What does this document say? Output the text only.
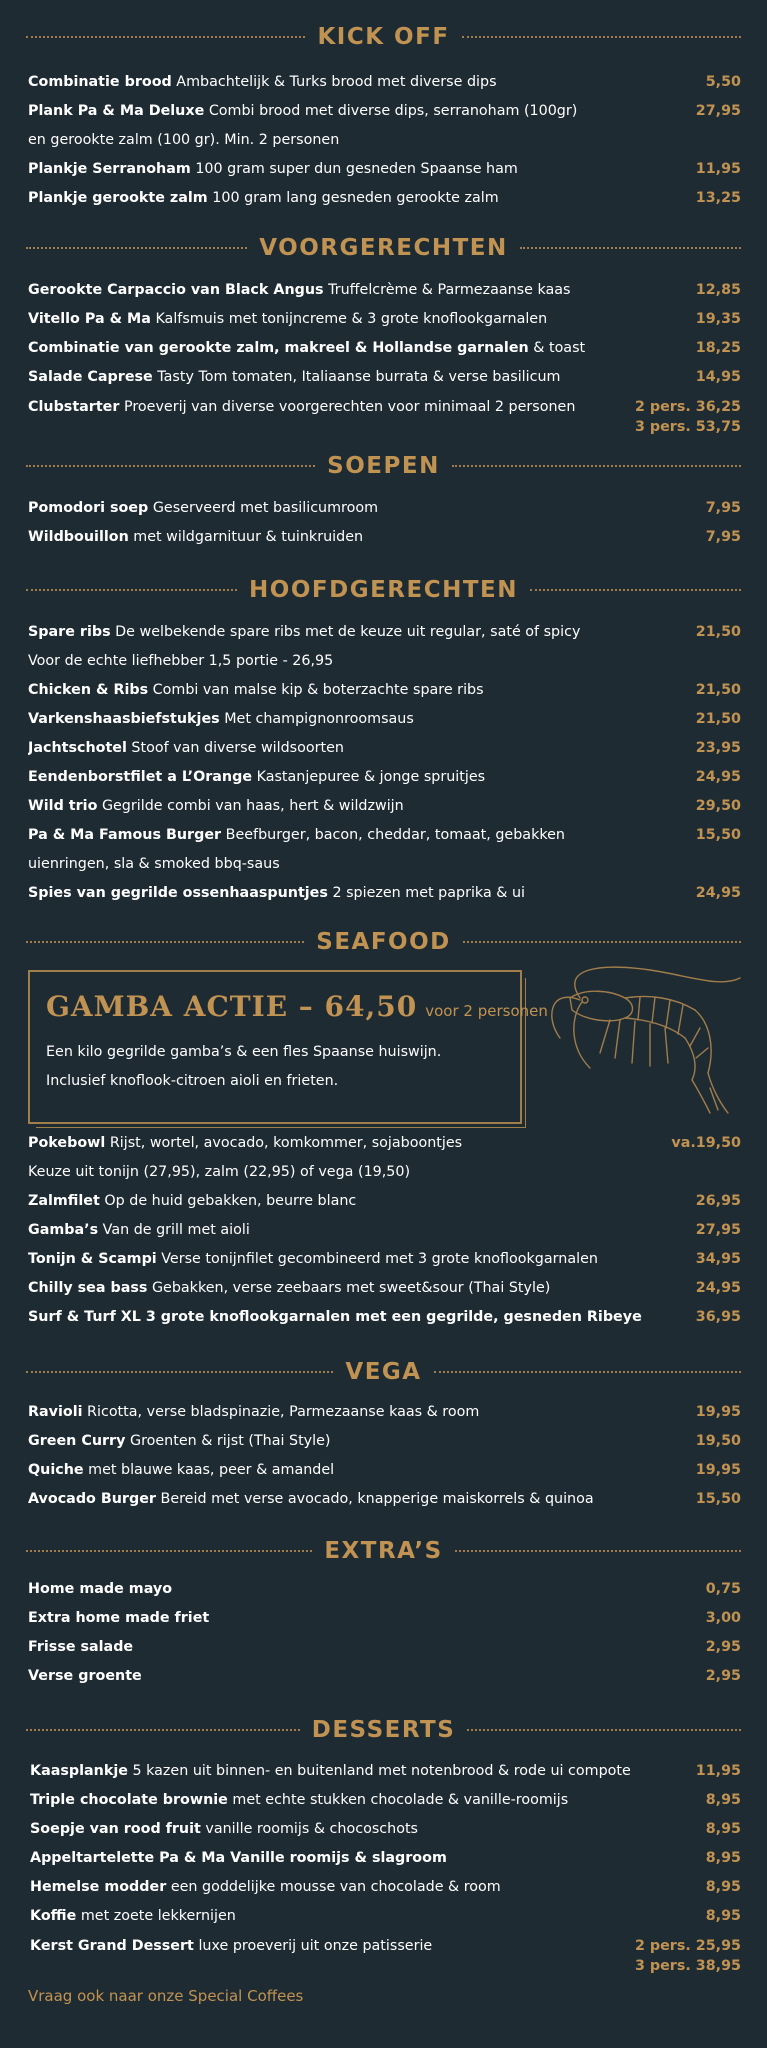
KICK OFF
Combinatie brood Ambachtelijk & Turks brood met diverse dips	5,50
Plank Pa & Ma Deluxe Combi brood met diverse dips, serranoham (100gr)	27,95
en gerookte zalm (100 gr). Min. 2 personen
Plankje Serranoham 100 gram super dun gesneden Spaanse ham	11,95
Plankje gerookte zalm 100 gram lang gesneden gerookte zalm	13,25
VOORGERECHTEN
Gerookte Carpaccio van Black Angus Truffelcrème & Parmezaanse kaas	12,85
Vitello Pa & Ma Kalfsmuis met tonijncreme & 3 grote knoflookgarnalen	19,35
Combinatie van gerookte zalm, makreel & Hollandse garnalen & toast	18,25
Salade Caprese Tasty Tom tomaten, Italiaanse burrata & verse basilicum	14,95
Clubstarter Proeverij van diverse voorgerechten voor minimaal 2 personen	2 pers. 36,25
3 pers. 53,75
SOEPEN
Pomodori soep Geserveerd met basilicumroom	7,95
Wildbouillon met wildgarnituur & tuinkruiden	7,95
HOOFDGERECHTEN
Spare ribs De welbekende spare ribs met de keuze uit regular, saté of spicy	21,50
Voor de echte liefhebber 1,5 portie - 26,95
Chicken & Ribs Combi van malse kip & boterzachte spare ribs	21,50
Varkenshaasbiefstukjes Met champignonroomsaus	21,50
Jachtschotel Stoof van diverse wildsoorten	23,95
Eendenborstfilet a L’Orange Kastanjepuree & jonge spruitjes	24,95
Wild trio Gegrilde combi van haas, hert & wildzwijn	29,50
Pa & Ma Famous Burger Beefburger, bacon, cheddar, tomaat, gebakken	15,50
uienringen, sla & smoked bbq-saus
Spies van gegrilde ossenhaaspuntjes 2 spiezen met paprika & ui	24,95
SEAFOOD
GAMBA ACTIE – 64,50 voor 2 personen
Een kilo gegrilde gamba’s & een fles Spaanse huiswijn.
Inclusief knoflook-citroen aioli en frieten.
Pokebowl Rijst, wortel, avocado, komkommer, sojaboontjes	va.19,50
Keuze uit tonijn (27,95), zalm (22,95) of vega (19,50)
Zalmfilet Op de huid gebakken, beurre blanc	26,95
Gamba’s Van de grill met aioli	27,95
Tonijn & Scampi Verse tonijnfilet gecombineerd met 3 grote knoflookgarnalen	34,95
Chilly sea bass Gebakken, verse zeebaars met sweet&sour (Thai Style)	24,95
Surf & Turf XL 3 grote knoflookgarnalen met een gegrilde, gesneden Ribeye	36,95
VEGA
Ravioli Ricotta, verse bladspinazie, Parmezaanse kaas & room	19,95
Green Curry Groenten & rijst (Thai Style)	19,50
Quiche met blauwe kaas, peer & amandel	19,95
Avocado Burger Bereid met verse avocado, knapperige maiskorrels & quinoa	15,50
EXTRA’S
Home made mayo	0,75
Extra home made friet	3,00
Frisse salade	2,95
Verse groente	2,95
DESSERTS
Kaasplankje 5 kazen uit binnen- en buitenland met notenbrood & rode ui compote	11,95
Triple chocolate brownie met echte stukken chocolade & vanille-roomijs	8,95
Soepje van rood fruit vanille roomijs & chocoschots	8,95
Appeltartelette Pa & Ma Vanille roomijs & slagroom	8,95
Hemelse modder een goddelijke mousse van chocolade & room	8,95
Koffie met zoete lekkernijen	8,95
Kerst Grand Dessert luxe proeverij uit onze patisserie	2 pers. 25,95
3 pers. 38,95
Vraag ook naar onze Special Coffees
